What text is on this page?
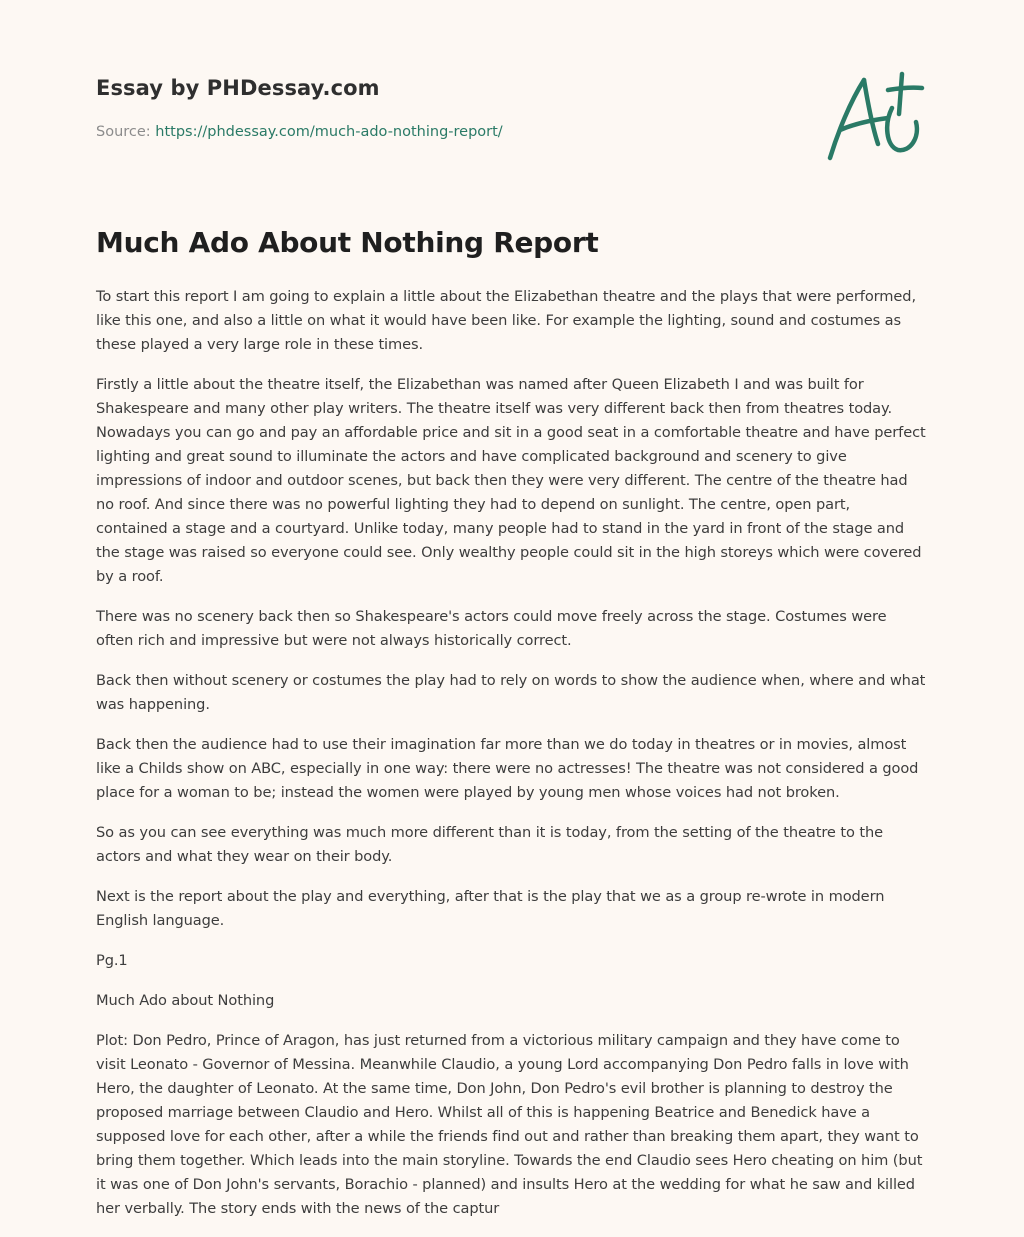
Essay by PHDessay.com
Source: https://phdessay.com/much-ado-nothing-report/
Much Ado About Nothing Report

To start this report I am going to explain a little about the Elizabethan theatre and the plays that were performed, like this one, and also a little on what it would have been like. For example the lighting, sound and costumes as these played a very large role in these times.

Firstly a little about the theatre itself, the Elizabethan was named after Queen Elizabeth I and was built for Shakespeare and many other play writers. The theatre itself was very different back then from theatres today. Nowadays you can go and pay an affordable price and sit in a good seat in a comfortable theatre and have perfect lighting and great sound to illuminate the actors and have complicated background and scenery to give impressions of indoor and outdoor scenes, but back then they were very different. The centre of the theatre had no roof. And since there was no powerful lighting they had to depend on sunlight. The centre, open part, contained a stage and a courtyard. Unlike today, many people had to stand in the yard in front of the stage and the stage was raised so everyone could see. Only wealthy people could sit in the high storeys which were covered by a roof.

There was no scenery back then so Shakespeare's actors could move freely across the stage. Costumes were often rich and impressive but were not always historically correct.

Back then without scenery or costumes the play had to rely on words to show the audience when, where and what was happening.

Back then the audience had to use their imagination far more than we do today in theatres or in movies, almost like a Childs show on ABC, especially in one way: there were no actresses! The theatre was not considered a good place for a woman to be; instead the women were played by young men whose voices had not broken.

So as you can see everything was much more different than it is today, from the setting of the theatre to the actors and what they wear on their body.

Next is the report about the play and everything, after that is the play that we as a group re-wrote in modern English language.

Pg.1

Much Ado about Nothing

Plot: Don Pedro, Prince of Aragon, has just returned from a victorious military campaign and they have come to visit Leonato - Governor of Messina. Meanwhile Claudio, a young Lord accompanying Don Pedro falls in love with Hero, the daughter of Leonato. At the same time, Don John, Don Pedro's evil brother is planning to destroy the proposed marriage between Claudio and Hero. Whilst all of this is happening Beatrice and Benedick have a supposed love for each other, after a while the friends find out and rather than breaking them apart, they want to bring them together. Which leads into the main storyline. Towards the end Claudio sees Hero cheating on him (but it was one of Don John's servants, Borachio - planned) and insults Hero at the wedding for what he saw and killed her verbally. The story ends with the news of the captur
